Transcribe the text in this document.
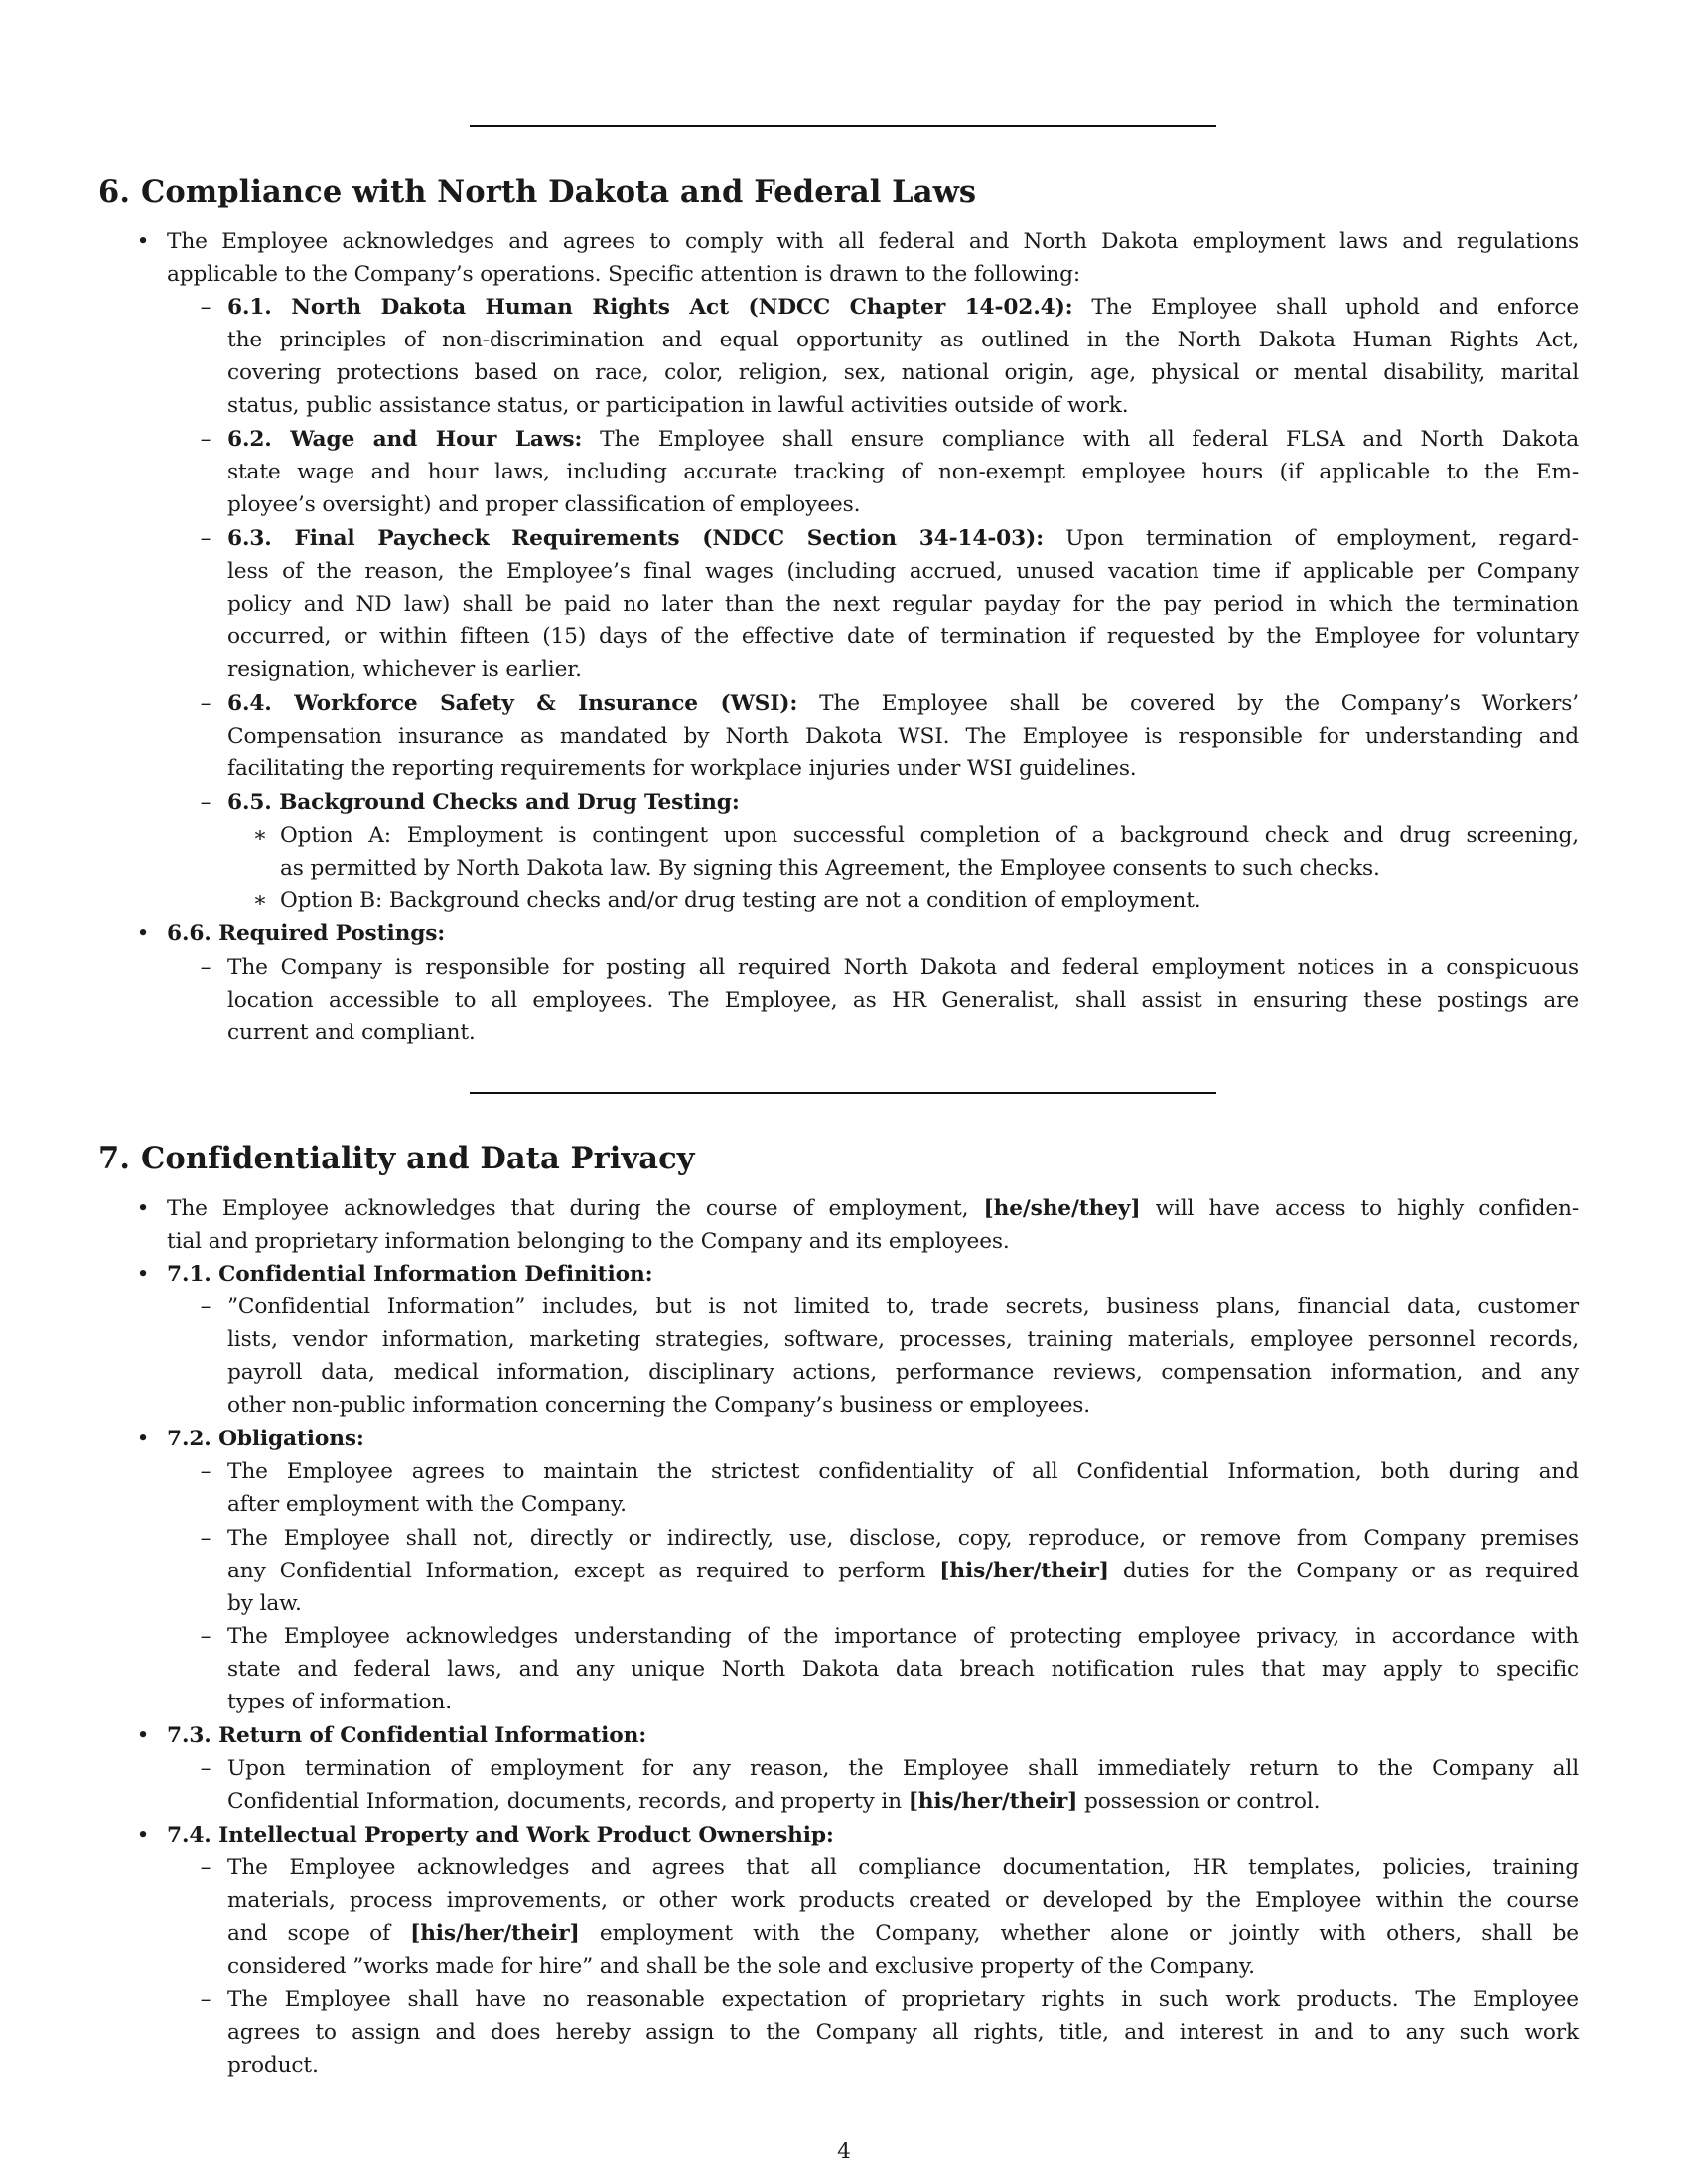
6. Compliance with North Dakota and Federal Laws
• The Employee acknowledges and agrees to comply with all federal and North Dakota employment laws and regulations

applicable to the Company’s operations. Specific attention is drawn to the following:

– 6.1. North Dakota Human Rights Act (NDCC Chapter 14-02.4): The Employee shall uphold and enforce

the principles of non-discrimination and equal opportunity as outlined in the North Dakota Human Rights Act,

covering protections based on race, color, religion, sex, national origin, age, physical or mental disability, marital

status, public assistance status, or participation in lawful activities outside of work.

– 6.2. Wage and Hour Laws: The Employee shall ensure compliance with all federal FLSA and North Dakota

state wage and hour laws, including accurate tracking of non-exempt employee hours (if applicable to the Em-

ployee’s oversight) and proper classification of employees.

– 6.3. Final Paycheck Requirements (NDCC Section 34-14-03): Upon termination of employment, regard-

less of the reason, the Employee’s final wages (including accrued, unused vacation time if applicable per Company

policy and ND law) shall be paid no later than the next regular payday for the pay period in which the termination

occurred, or within fifteen (15) days of the effective date of termination if requested by the Employee for voluntary

resignation, whichever is earlier.

– 6.4. Workforce Safety & Insurance (WSI): The Employee shall be covered by the Company’s Workers’

Compensation insurance as mandated by North Dakota WSI. The Employee is responsible for understanding and

facilitating the reporting requirements for workplace injuries under WSI guidelines.

– 6.5. Background Checks and Drug Testing:

∗ Option A: Employment is contingent upon successful completion of a background check and drug screening,

as permitted by North Dakota law. By signing this Agreement, the Employee consents to such checks.

∗ Option B: Background checks and/or drug testing are not a condition of employment.

• 6.6. Required Postings:

– The Company is responsible for posting all required North Dakota and federal employment notices in a conspicuous

location accessible to all employees. The Employee, as HR Generalist, shall assist in ensuring these postings are

current and compliant.

7. Confidentiality and Data Privacy
• The Employee acknowledges that during the course of employment, [he/she/they] will have access to highly confiden-

tial and proprietary information belonging to the Company and its employees.

• 7.1. Confidential Information Definition:

– ”Confidential Information” includes, but is not limited to, trade secrets, business plans, financial data, customer

lists, vendor information, marketing strategies, software, processes, training materials, employee personnel records,

payroll data, medical information, disciplinary actions, performance reviews, compensation information, and any

other non-public information concerning the Company’s business or employees.

• 7.2. Obligations:

– The Employee agrees to maintain the strictest confidentiality of all Confidential Information, both during and

after employment with the Company.

– The Employee shall not, directly or indirectly, use, disclose, copy, reproduce, or remove from Company premises

any Confidential Information, except as required to perform [his/her/their] duties for the Company or as required

by law.

– The Employee acknowledges understanding of the importance of protecting employee privacy, in accordance with

state and federal laws, and any unique North Dakota data breach notification rules that may apply to specific

types of information.

• 7.3. Return of Confidential Information:

– Upon termination of employment for any reason, the Employee shall immediately return to the Company all

Confidential Information, documents, records, and property in [his/her/their] possession or control.

• 7.4. Intellectual Property and Work Product Ownership:

– The Employee acknowledges and agrees that all compliance documentation, HR templates, policies, training

materials, process improvements, or other work products created or developed by the Employee within the course

and scope of [his/her/their] employment with the Company, whether alone or jointly with others, shall be

considered ”works made for hire” and shall be the sole and exclusive property of the Company.

– The Employee shall have no reasonable expectation of proprietary rights in such work products. The Employee

agrees to assign and does hereby assign to the Company all rights, title, and interest in and to any such work

product.

4
